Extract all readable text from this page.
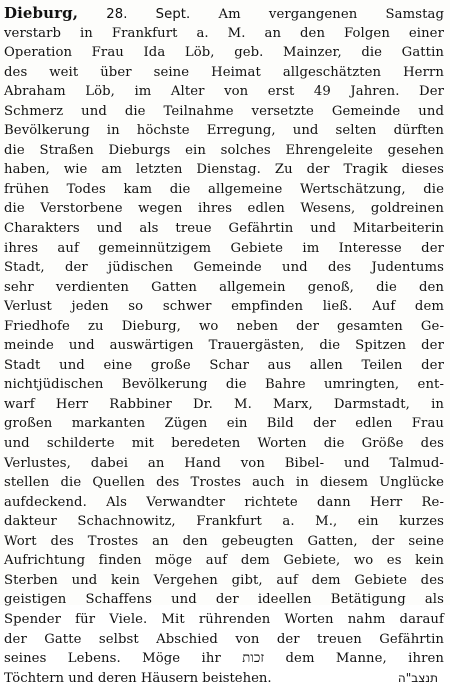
Dieburg, 28. Sept. Am vergangenen Samstag
verstarb in Frankfurt a. M. an den Folgen einer
Operation Frau Ida Löb, geb. Mainzer, die Gattin
des weit über seine Heimat allgeschätzten Herrn
Abraham Löb, im Alter von erst 49 Jahren. Der
Schmerz und die Teilnahme versetzte Gemeinde und
Bevölkerung in höchste Erregung, und selten dürften
die Straßen Dieburgs ein solches Ehrengeleite gesehen
haben, wie am letzten Dienstag. Zu der Tragik dieses
frühen Todes kam die allgemeine Wertschätzung, die
die Verstorbene wegen ihres edlen Wesens, goldreinen
Charakters und als treue Gefährtin und Mitarbeiterin
ihres auf gemeinnützigem Gebiete im Interesse der
Stadt, der jüdischen Gemeinde und des Judentums
sehr verdienten Gatten allgemein genoß, die den
Verlust jeden so schwer empfinden ließ. Auf dem
Friedhofe zu Dieburg, wo neben der gesamten Ge-
meinde und auswärtigen Trauergästen, die Spitzen der
Stadt und eine große Schar aus allen Teilen der
nichtjüdischen Bevölkerung die Bahre umringten, ent-
warf Herr Rabbiner Dr. M. Marx, Darmstadt, in
großen markanten Zügen ein Bild der edlen Frau
und schilderte mit beredeten Worten die Größe des
Verlustes, dabei an Hand von Bibel- und Talmud-
stellen die Quellen des Trostes auch in diesem Unglücke
aufdeckend. Als Verwandter richtete dann Herr Re-
dakteur Schachnowitz, Frankfurt a. M., ein kurzes
Wort des Trostes an den gebeugten Gatten, der seine
Aufrichtung finden möge auf dem Gebiete, wo es kein
Sterben und kein Vergehen gibt, auf dem Gebiete des
geistigen Schaffens und der ideellen Betätigung als
Spender für Viele. Mit rührenden Worten nahm darauf
der Gatte selbst Abschied von der treuen Gefährtin
seines Lebens. Möge ihr זכות dem Manne, ihren
Töchtern und deren Häusern beistehen.	תנצב"ה
